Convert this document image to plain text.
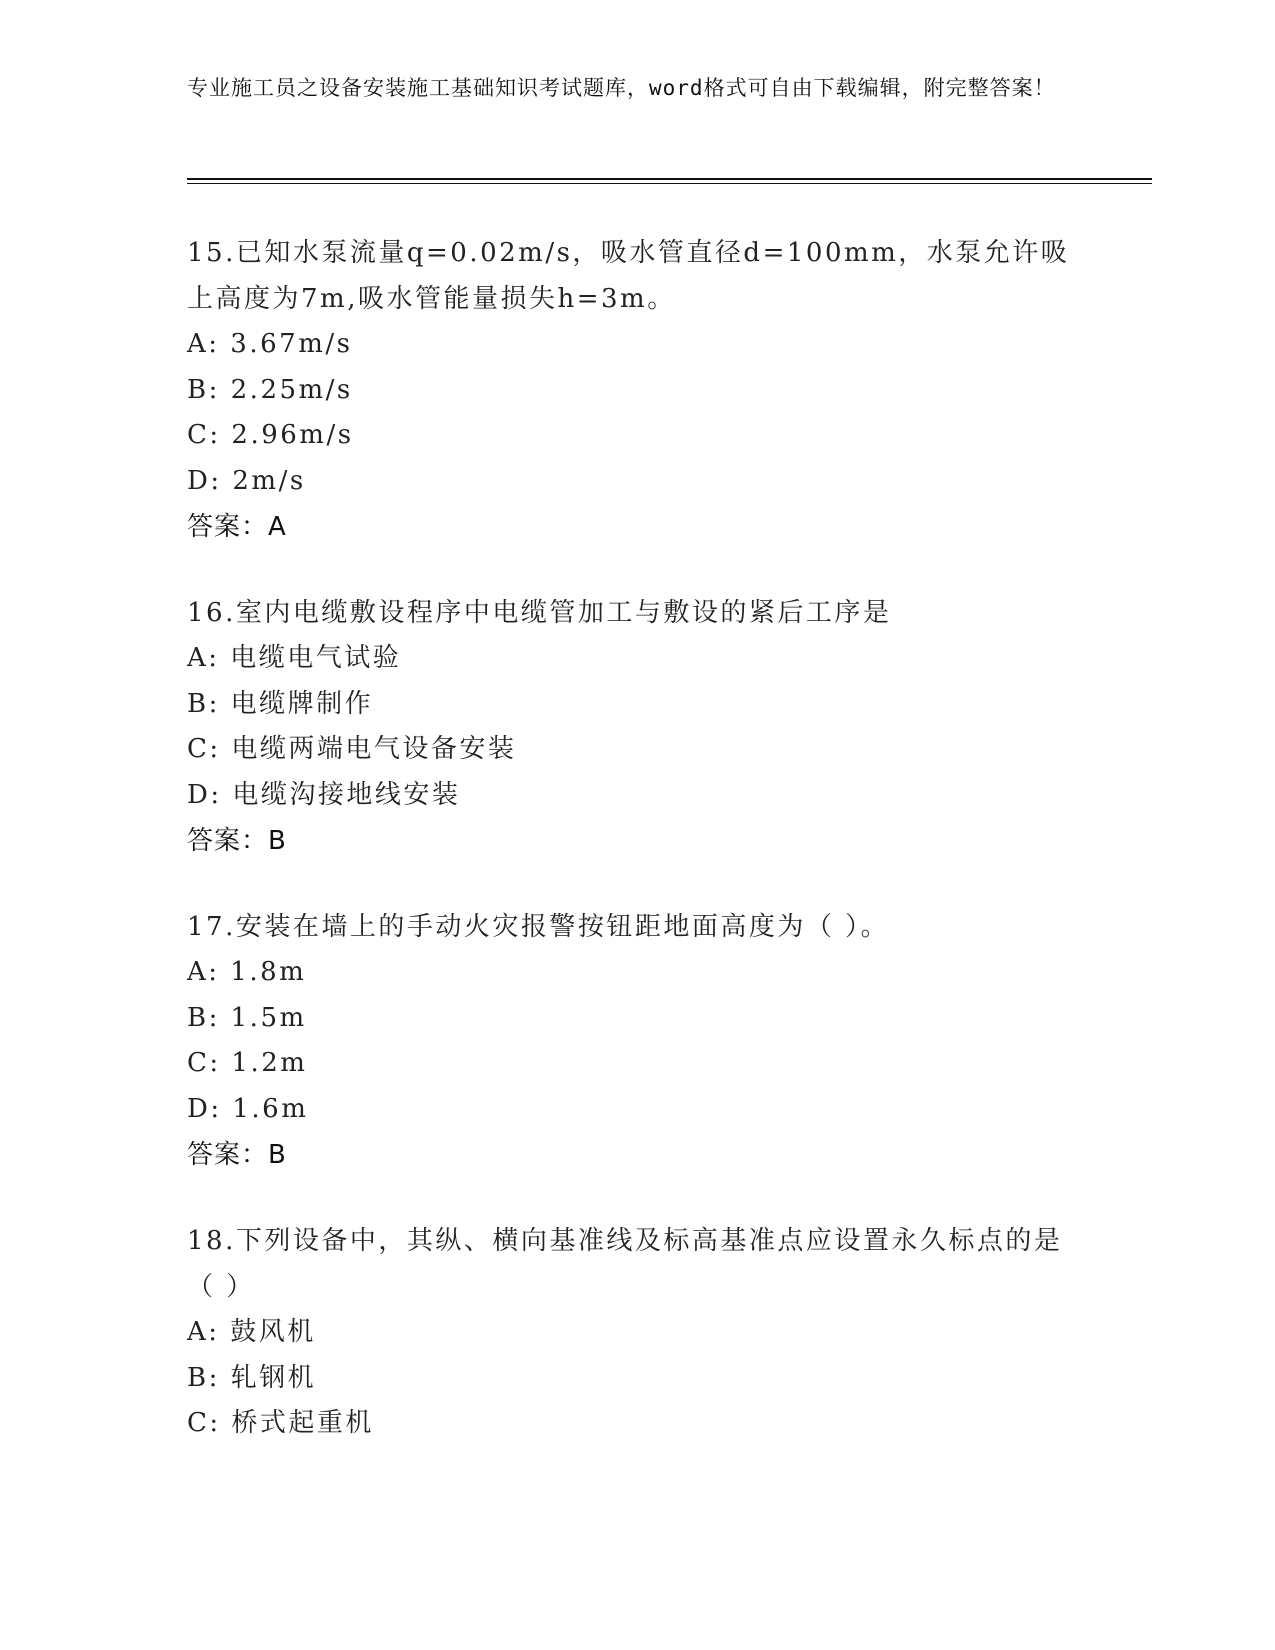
专业施工员之设备安装施工基础知识考试题库，word格式可自由下载编辑，附完整答案！
15.已知水泵流量q=0.02m/s，吸水管直径d=100mm，水泵允许吸上高度为7m,吸水管能量损失h=3m。
A: 3.67m/s
B: 2.25m/s
C: 2.96m/s
D: 2m/s
答案：A
16.室内电缆敷设程序中电缆管加工与敷设的紧后工序是
A: 电缆电气试验
B: 电缆牌制作
C: 电缆两端电气设备安装
D: 电缆沟接地线安装
答案：B
17.安装在墙上的手动火灾报警按钮距地面高度为（ ）。
A: 1.8m
B: 1.5m
C: 1.2m
D: 1.6m
答案：B
18.下列设备中，其纵、横向基准线及标高基准点应设置永久标点的是（ ）
A: 鼓风机
B: 轧钢机
C: 桥式起重机
